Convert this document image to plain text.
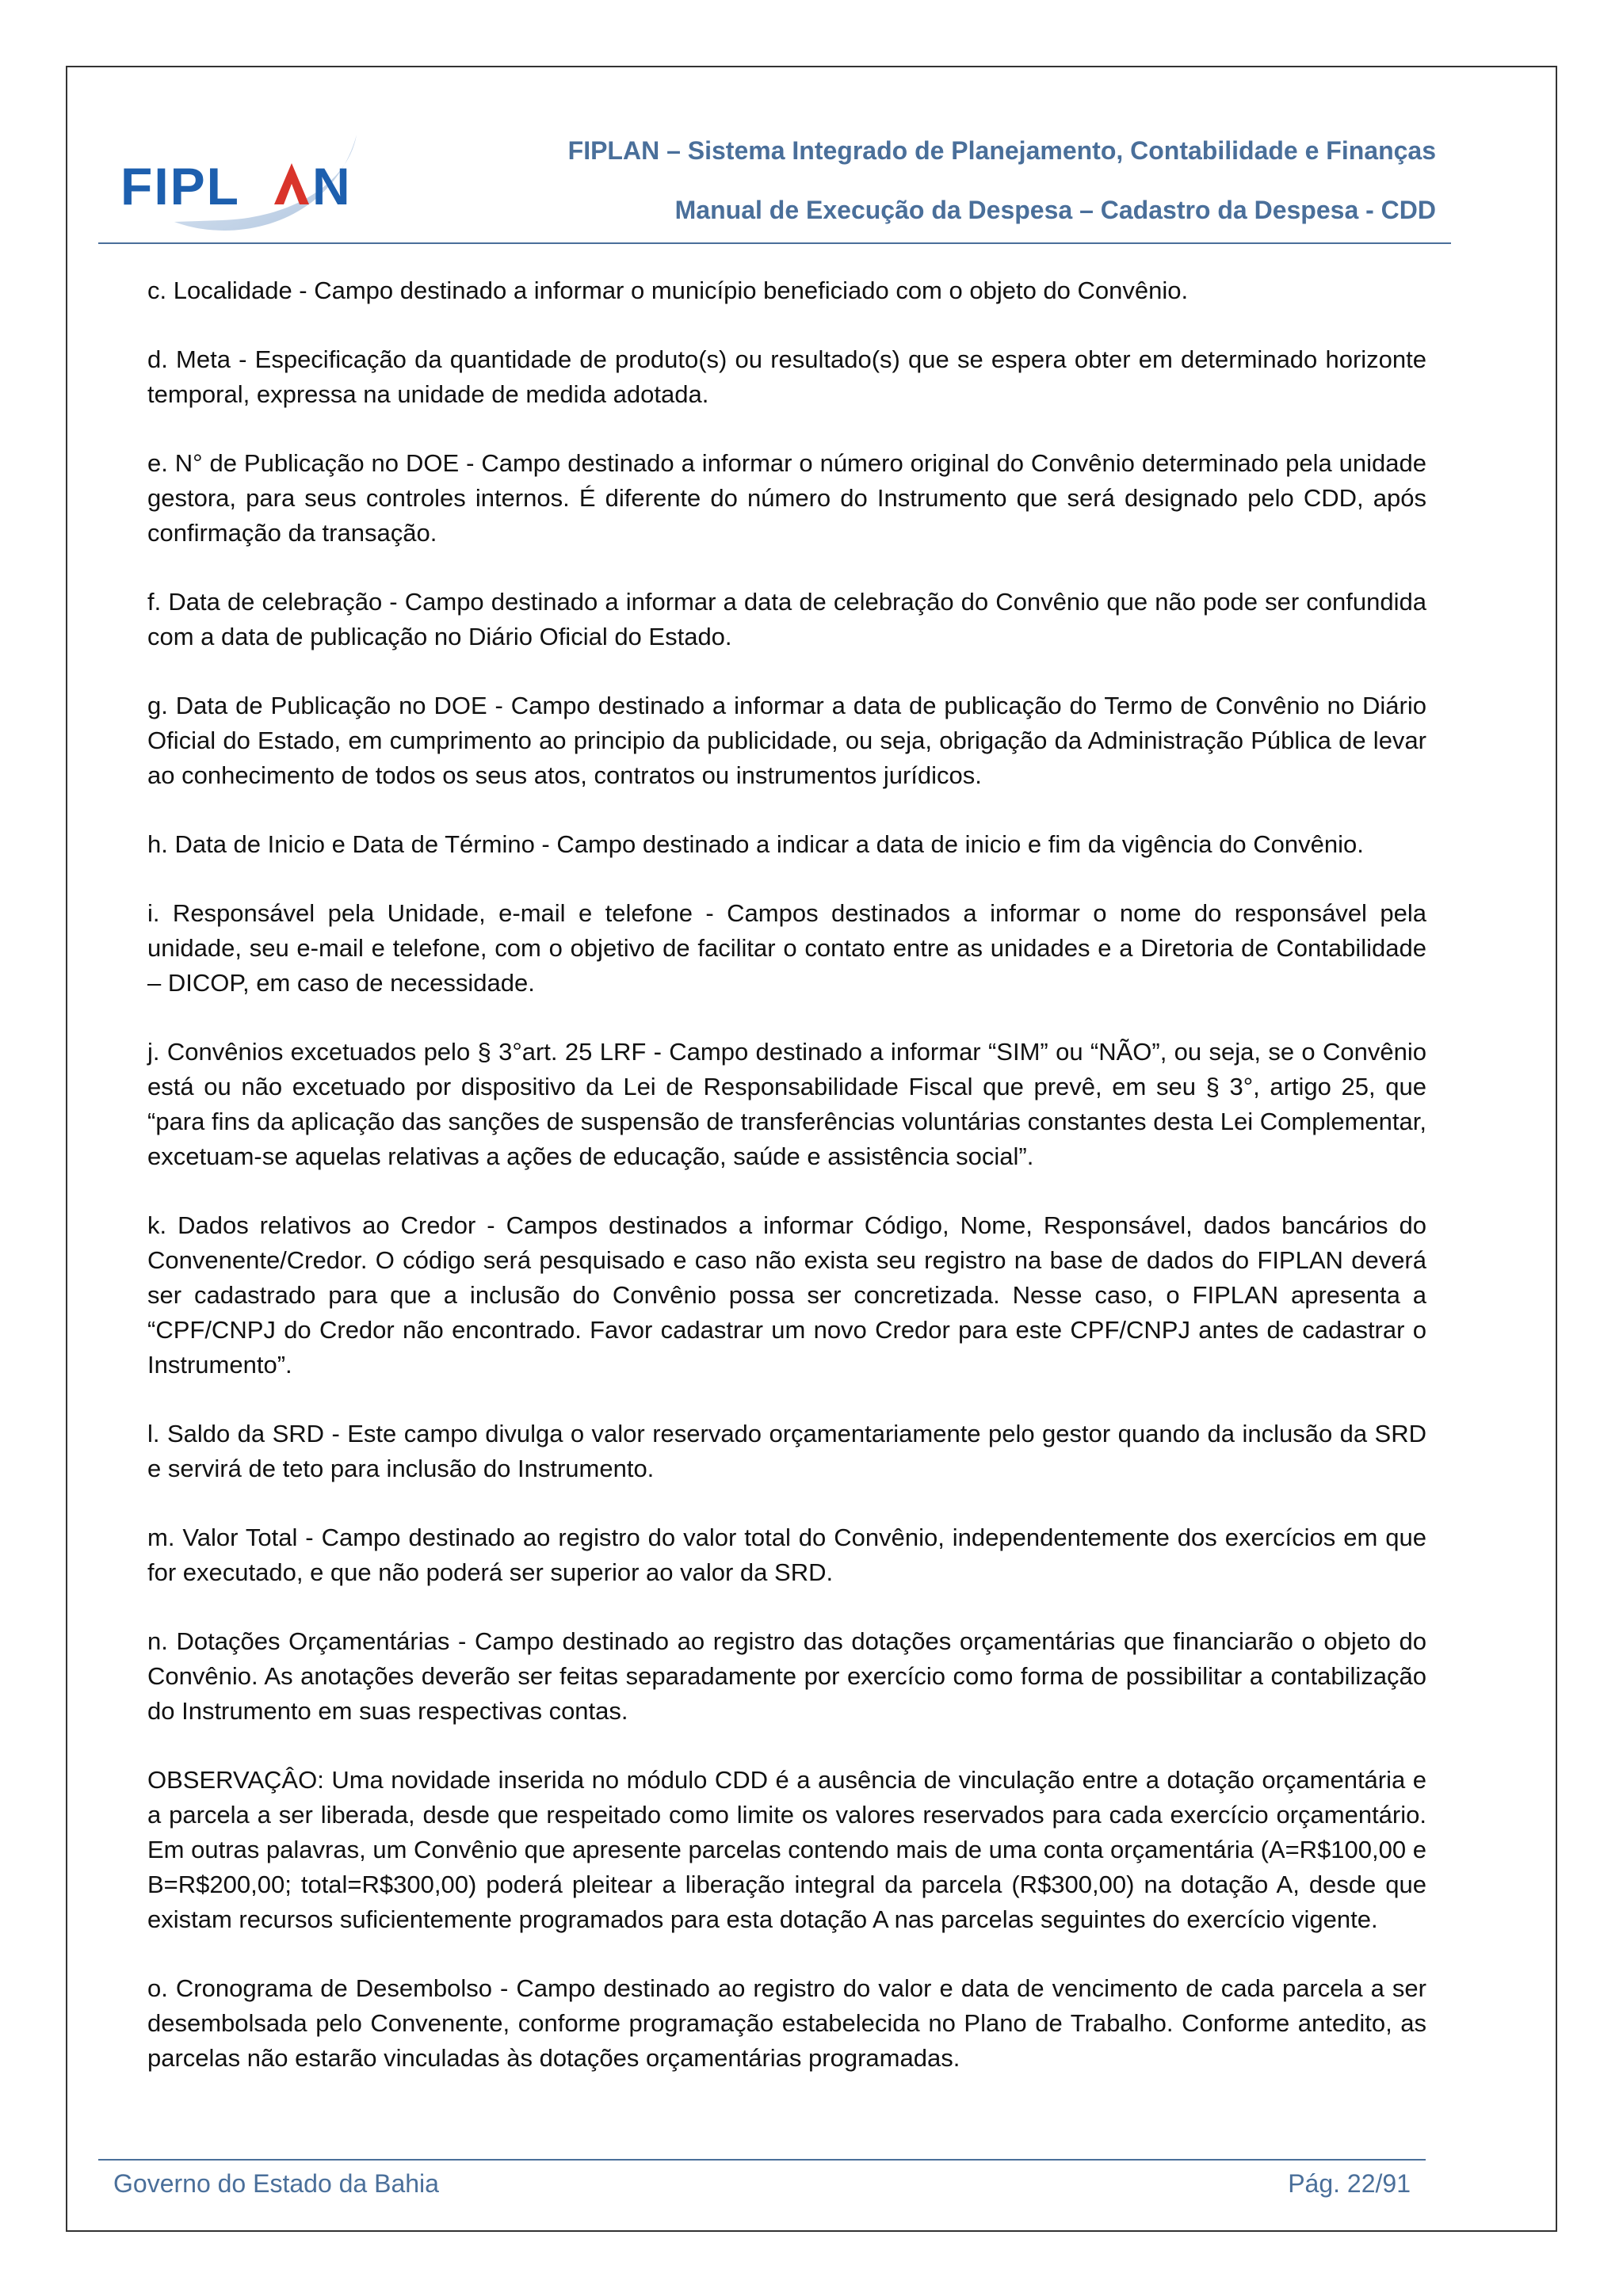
FIPL N
FIPLAN – Sistema Integrado de Planejamento, Contabilidade e Finanças
Manual de Execução da Despesa – Cadastro da Despesa - CDD

c. Localidade - Campo destinado a informar o município beneficiado com o objeto do Convênio.

d. Meta - Especificação da quantidade de produto(s) ou resultado(s) que se espera obter em determinado horizonte temporal, expressa na unidade de medida adotada.

e. N° de Publicação no DOE - Campo destinado a informar o número original do Convênio determinado pela unidade gestora, para seus controles internos. É diferente do número do Instrumento que será designado pelo CDD, após confirmação da transação.

f. Data de celebração - Campo destinado a informar a data de celebração do Convênio que não pode ser confundida com a data de publicação no Diário Oficial do Estado.

g. Data de Publicação no DOE - Campo destinado a informar a data de publicação do Termo de Convênio no Diário Oficial do Estado, em cumprimento ao principio da publicidade, ou seja, obrigação da Administração Pública de levar ao conhecimento de todos os seus atos, contratos ou instrumentos jurídicos.

h. Data de Inicio e Data de Término - Campo destinado a indicar a data de inicio e fim da vigência do Convênio.

i. Responsável pela Unidade, e-mail e telefone - Campos destinados a informar o nome do responsável pela unidade, seu e-mail e telefone, com o objetivo de facilitar o contato entre as unidades e a Diretoria de Contabilidade – DICOP, em caso de necessidade.

j. Convênios excetuados pelo § 3°art. 25 LRF - Campo destinado a informar “SIM” ou “NÃO”, ou seja, se o Convênio está ou não excetuado por dispositivo da Lei de Responsabilidade Fiscal que prevê, em seu § 3°, artigo 25, que “para fins da aplicação das sanções de suspensão de transferências voluntárias constantes desta Lei Complementar, excetuam-se aquelas relativas a ações de educação, saúde e assistência social”.

k. Dados relativos ao Credor - Campos destinados a informar Código, Nome, Responsável, dados bancários do Convenente/Credor. O código será pesquisado e caso não exista seu registro na base de dados do FIPLAN deverá ser cadastrado para que a inclusão do Convênio possa ser concretizada. Nesse caso, o FIPLAN apresenta a “CPF/CNPJ do Credor não encontrado. Favor cadastrar um novo Credor para este CPF/CNPJ antes de cadastrar o Instrumento”.

l. Saldo da SRD - Este campo divulga o valor reservado orçamentariamente pelo gestor quando da inclusão da SRD e servirá de teto para inclusão do Instrumento.

m. Valor Total - Campo destinado ao registro do valor total do Convênio, independentemente dos exercícios em que for executado, e que não poderá ser superior ao valor da SRD.

n. Dotações Orçamentárias - Campo destinado ao registro das dotações orçamentárias que financiarão o objeto do Convênio. As anotações deverão ser feitas separadamente por exercício como forma de possibilitar a contabilização do Instrumento em suas respectivas contas.

OBSERVAÇÂO: Uma novidade inserida no módulo CDD é a ausência de vinculação entre a dotação orçamentária e a parcela a ser liberada, desde que respeitado como limite os valores reservados para cada exercício orçamentário. Em outras palavras, um Convênio que apresente parcelas contendo mais de uma conta orçamentária (A=R$100,00 e B=R$200,00; total=R$300,00) poderá pleitear a liberação integral da parcela (R$300,00) na dotação A, desde que existam recursos suficientemente programados para esta dotação A nas parcelas seguintes do exercício vigente.

o. Cronograma de Desembolso - Campo destinado ao registro do valor e data de vencimento de cada parcela a ser desembolsada pelo Convenente, conforme programação estabelecida no Plano de Trabalho. Conforme antedito, as parcelas não estarão vinculadas às dotações orçamentárias programadas.

Governo do Estado da Bahia	Pág. 22/91
